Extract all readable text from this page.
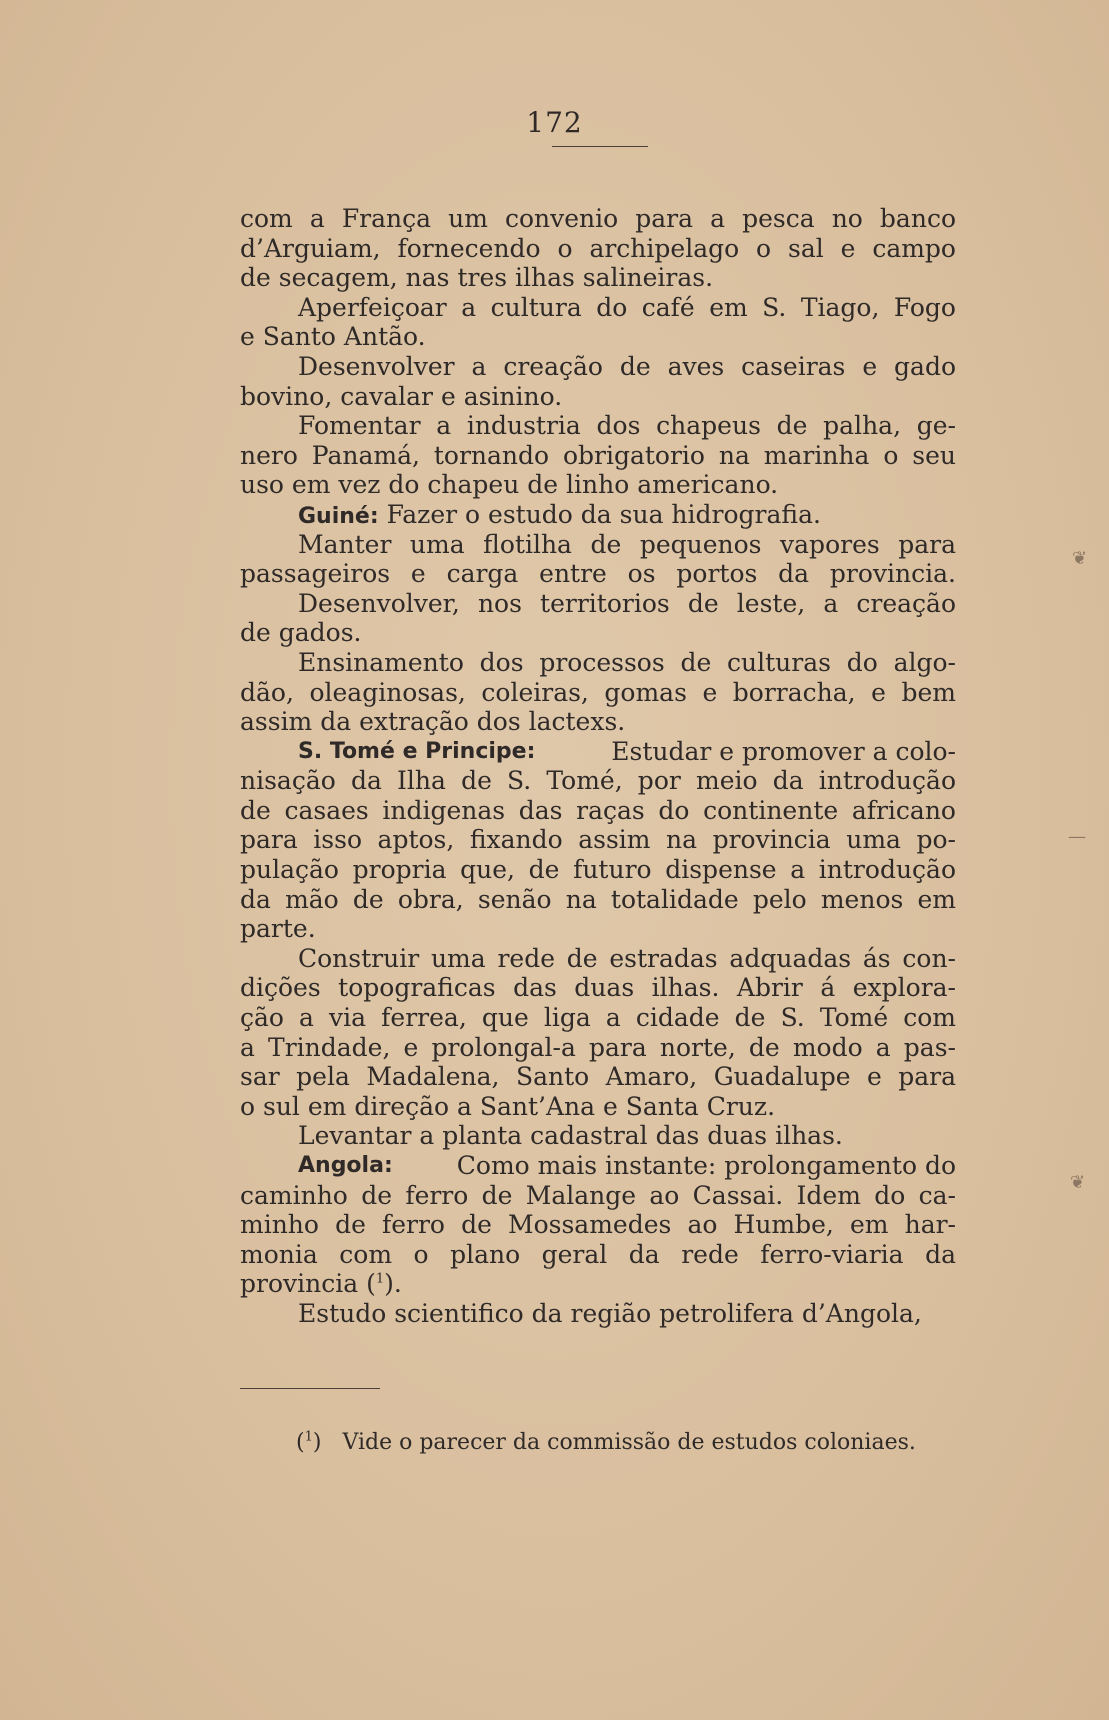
172
com a França um convenio para a pesca no banco
d’Arguiam, fornecendo o archipelago o sal e campo
de secagem, nas tres ilhas salineiras.
Aperfeiçoar a cultura do café em S. Tiago, Fogo
e Santo Antão.
Desenvolver a creação de aves caseiras e gado
bovino, cavalar e asinino.
Fomentar a industria dos chapeus de palha, ge-
nero Panamá, tornando obrigatorio na marinha o seu
uso em vez do chapeu de linho americano.
Guiné: Fazer o estudo da sua hidrografia.
Manter uma flotilha de pequenos vapores para
passageiros e carga entre os portos da provincia.
Desenvolver, nos territorios de leste, a creação
de gados.
Ensinamento dos processos de culturas do algo-
dão, oleaginosas, coleiras, gomas e borracha, e bem
assim da extração dos lactexs.
S. Tomé e Principe:	Estudar e promover a colo-
nisação da Ilha de S. Tomé, por meio da introdução
de casaes indigenas das raças do continente africano
para isso aptos, fixando assim na provincia uma po-
pulação propria que, de futuro dispense a introdução
da mão de obra, senão na totalidade pelo menos em
parte.
Construir uma rede de estradas adquadas ás con-
dições topograficas das duas ilhas. Abrir á explora-
ção a via ferrea, que liga a cidade de S. Tomé com
a Trindade, e prolongal-a para norte, de modo a pas-
sar pela Madalena, Santo Amaro, Guadalupe e para
o sul em direção a Sant’Ana e Santa Cruz.
Levantar a planta cadastral das duas ilhas.
Angola:	Como mais instante: prolongamento do
caminho de ferro de Malange ao Cassai. Idem do ca-
minho de ferro de Mossamedes ao Humbe, em har-
monia com o plano geral da rede ferro-viaria da
provincia ($^1$).
Estudo scientifico da região petrolifera d’Angola,
($^1$) Vide o parecer da commissão de estudos coloniaes.
❦
—
❦
